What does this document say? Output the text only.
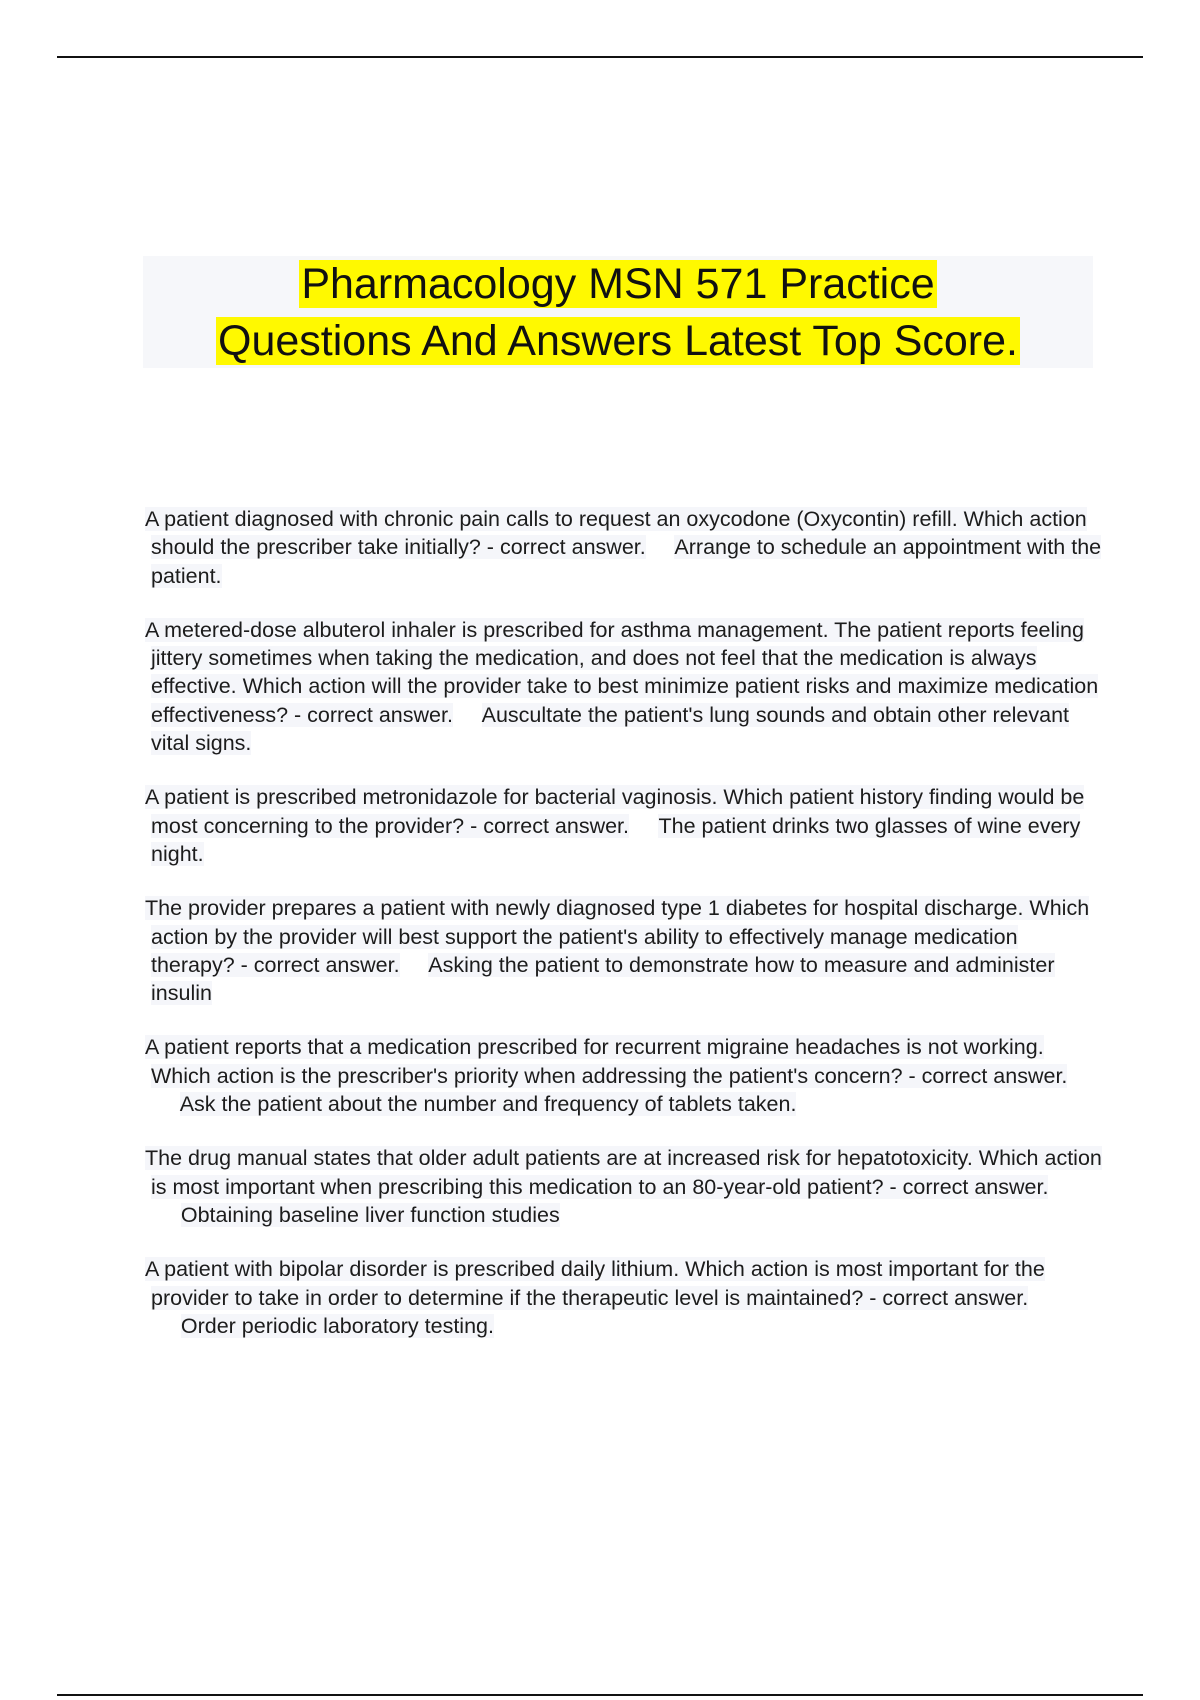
Pharmacology MSN 571 Practice
Questions And Answers Latest Top Score.
A patient diagnosed with chronic pain calls to request an oxycodone (Oxycontin) refill. Which action should the prescriber take initially? - correct answer. Arrange to schedule an appointment with the patient.
A metered-dose albuterol inhaler is prescribed for asthma management. The patient reports feeling jittery sometimes when taking the medication, and does not feel that the medication is always effective. Which action will the provider take to best minimize patient risks and maximize medication effectiveness? - correct answer. Auscultate the patient's lung sounds and obtain other relevant vital signs.
A patient is prescribed metronidazole for bacterial vaginosis. Which patient history finding would be most concerning to the provider? - correct answer. The patient drinks two glasses of wine every night.
The provider prepares a patient with newly diagnosed type 1 diabetes for hospital discharge. Which action by the provider will best support the patient's ability to effectively manage medication therapy? - correct answer. Asking the patient to demonstrate how to measure and administer insulin
A patient reports that a medication prescribed for recurrent migraine headaches is not working. Which action is the prescriber's priority when addressing the patient's concern? - correct answer.     Ask the patient about the number and frequency of tablets taken.
The drug manual states that older adult patients are at increased risk for hepatotoxicity. Which action is most important when prescribing this medication to an 80-year-old patient? - correct answer.     Obtaining baseline liver function studies
A patient with bipolar disorder is prescribed daily lithium. Which action is most important for the provider to take in order to determine if the therapeutic level is maintained? - correct answer.     Order periodic laboratory testing.
